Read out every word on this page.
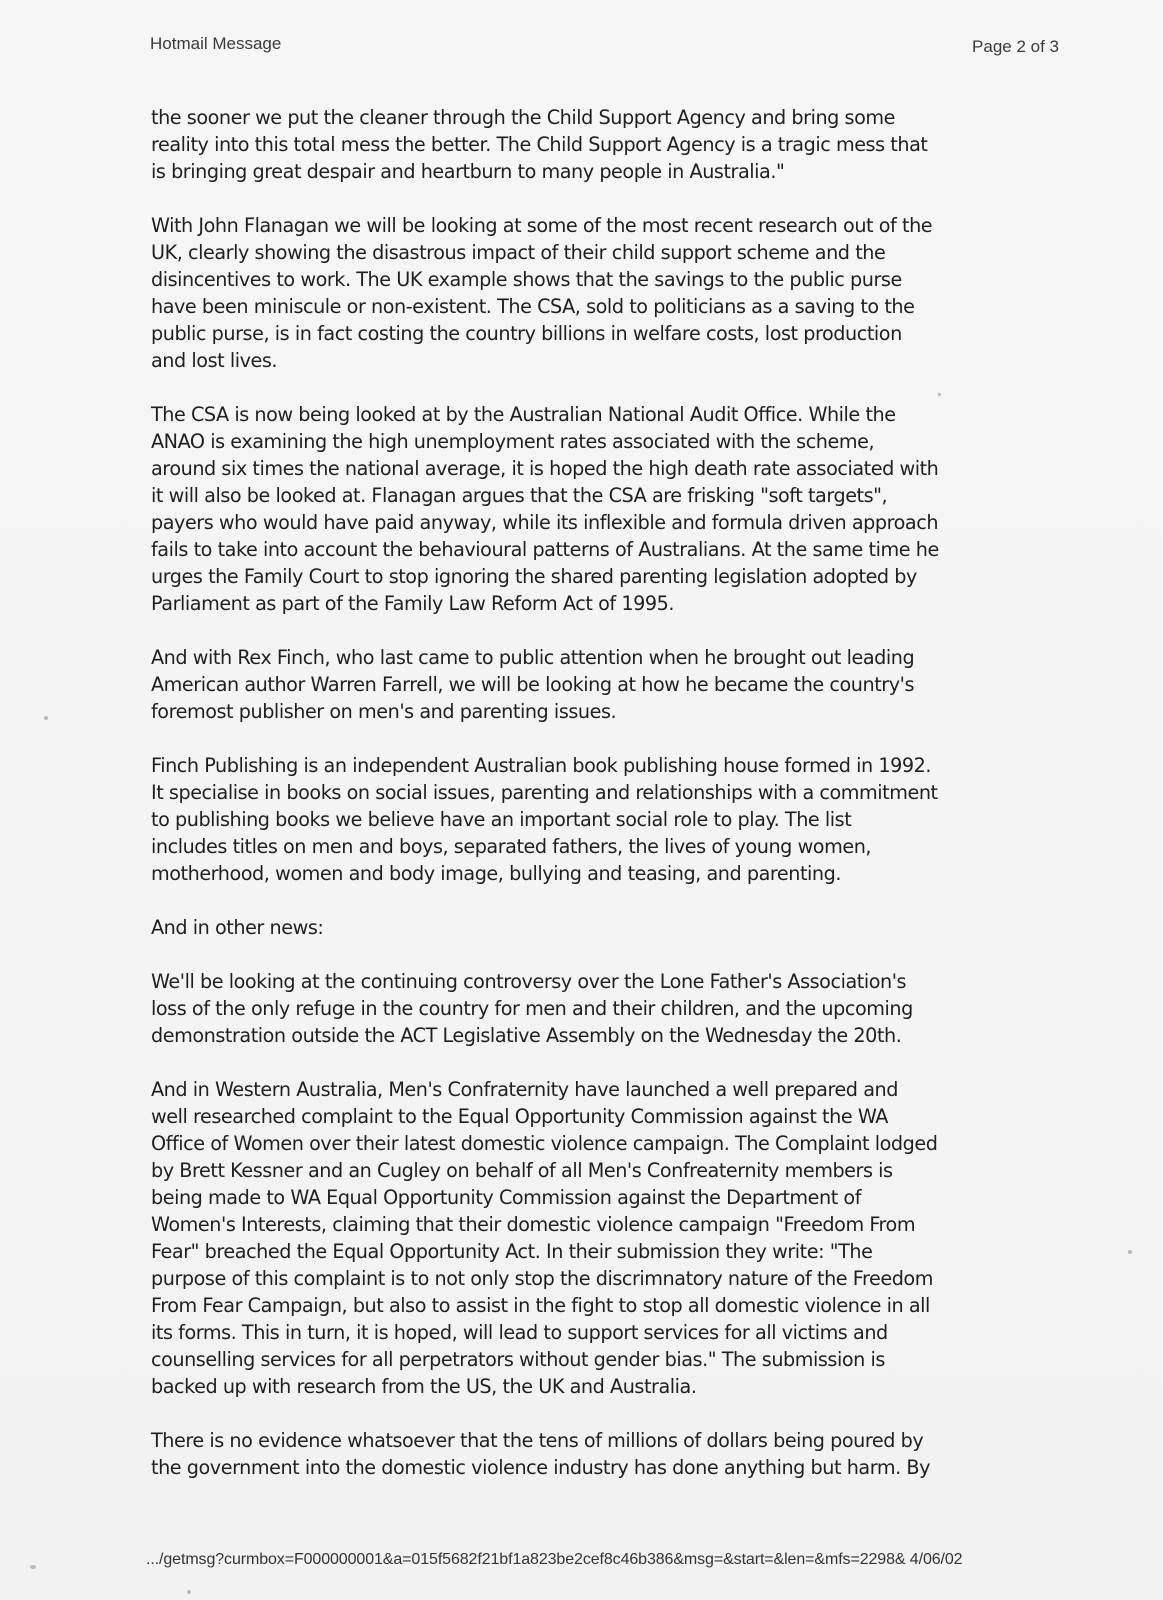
Hotmail Message	Page 2 of 3

the sooner we put the cleaner through the Child Support Agency and bring some
reality into this total mess the better. The Child Support Agency is a tragic mess that
is bringing great despair and heartburn to many people in Australia."

With John Flanagan we will be looking at some of the most recent research out of the
UK, clearly showing the disastrous impact of their child support scheme and the
disincentives to work. The UK example shows that the savings to the public purse
have been miniscule or non-existent. The CSA, sold to politicians as a saving to the
public purse, is in fact costing the country billions in welfare costs, lost production
and lost lives.

The CSA is now being looked at by the Australian National Audit Office. While the
ANAO is examining the high unemployment rates associated with the scheme,
around six times the national average, it is hoped the high death rate associated with
it will also be looked at. Flanagan argues that the CSA are frisking "soft targets",
payers who would have paid anyway, while its inflexible and formula driven approach
fails to take into account the behavioural patterns of Australians. At the same time he
urges the Family Court to stop ignoring the shared parenting legislation adopted by
Parliament as part of the Family Law Reform Act of 1995.

And with Rex Finch, who last came to public attention when he brought out leading
American author Warren Farrell, we will be looking at how he became the country's
foremost publisher on men's and parenting issues.

Finch Publishing is an independent Australian book publishing house formed in 1992.
It specialise in books on social issues, parenting and relationships with a commitment
to publishing books we believe have an important social role to play. The list
includes titles on men and boys, separated fathers, the lives of young women,
motherhood, women and body image, bullying and teasing, and parenting.

And in other news:

We'll be looking at the continuing controversy over the Lone Father's Association's
loss of the only refuge in the country for men and their children, and the upcoming
demonstration outside the ACT Legislative Assembly on the Wednesday the 20th.

And in Western Australia, Men's Confraternity have launched a well prepared and
well researched complaint to the Equal Opportunity Commission against the WA
Office of Women over their latest domestic violence campaign. The Complaint lodged
by Brett Kessner and an Cugley on behalf of all Men's Confreaternity members is
being made to WA Equal Opportunity Commission against the Department of
Women's Interests, claiming that their domestic violence campaign "Freedom From
Fear" breached the Equal Opportunity Act. In their submission they write: "The
purpose of this complaint is to not only stop the discrimnatory nature of the Freedom
From Fear Campaign, but also to assist in the fight to stop all domestic violence in all
its forms. This in turn, it is hoped, will lead to support services for all victims and
counselling services for all perpetrators without gender bias." The submission is
backed up with research from the US, the UK and Australia.

There is no evidence whatsoever that the tens of millions of dollars being poured by
the government into the domestic violence industry has done anything but harm. By

.../getmsg?curmbox=F000000001&a=015f5682f21bf1a823be2cef8c46b386&msg=&start=&len=&mfs=2298& 4/06/02
